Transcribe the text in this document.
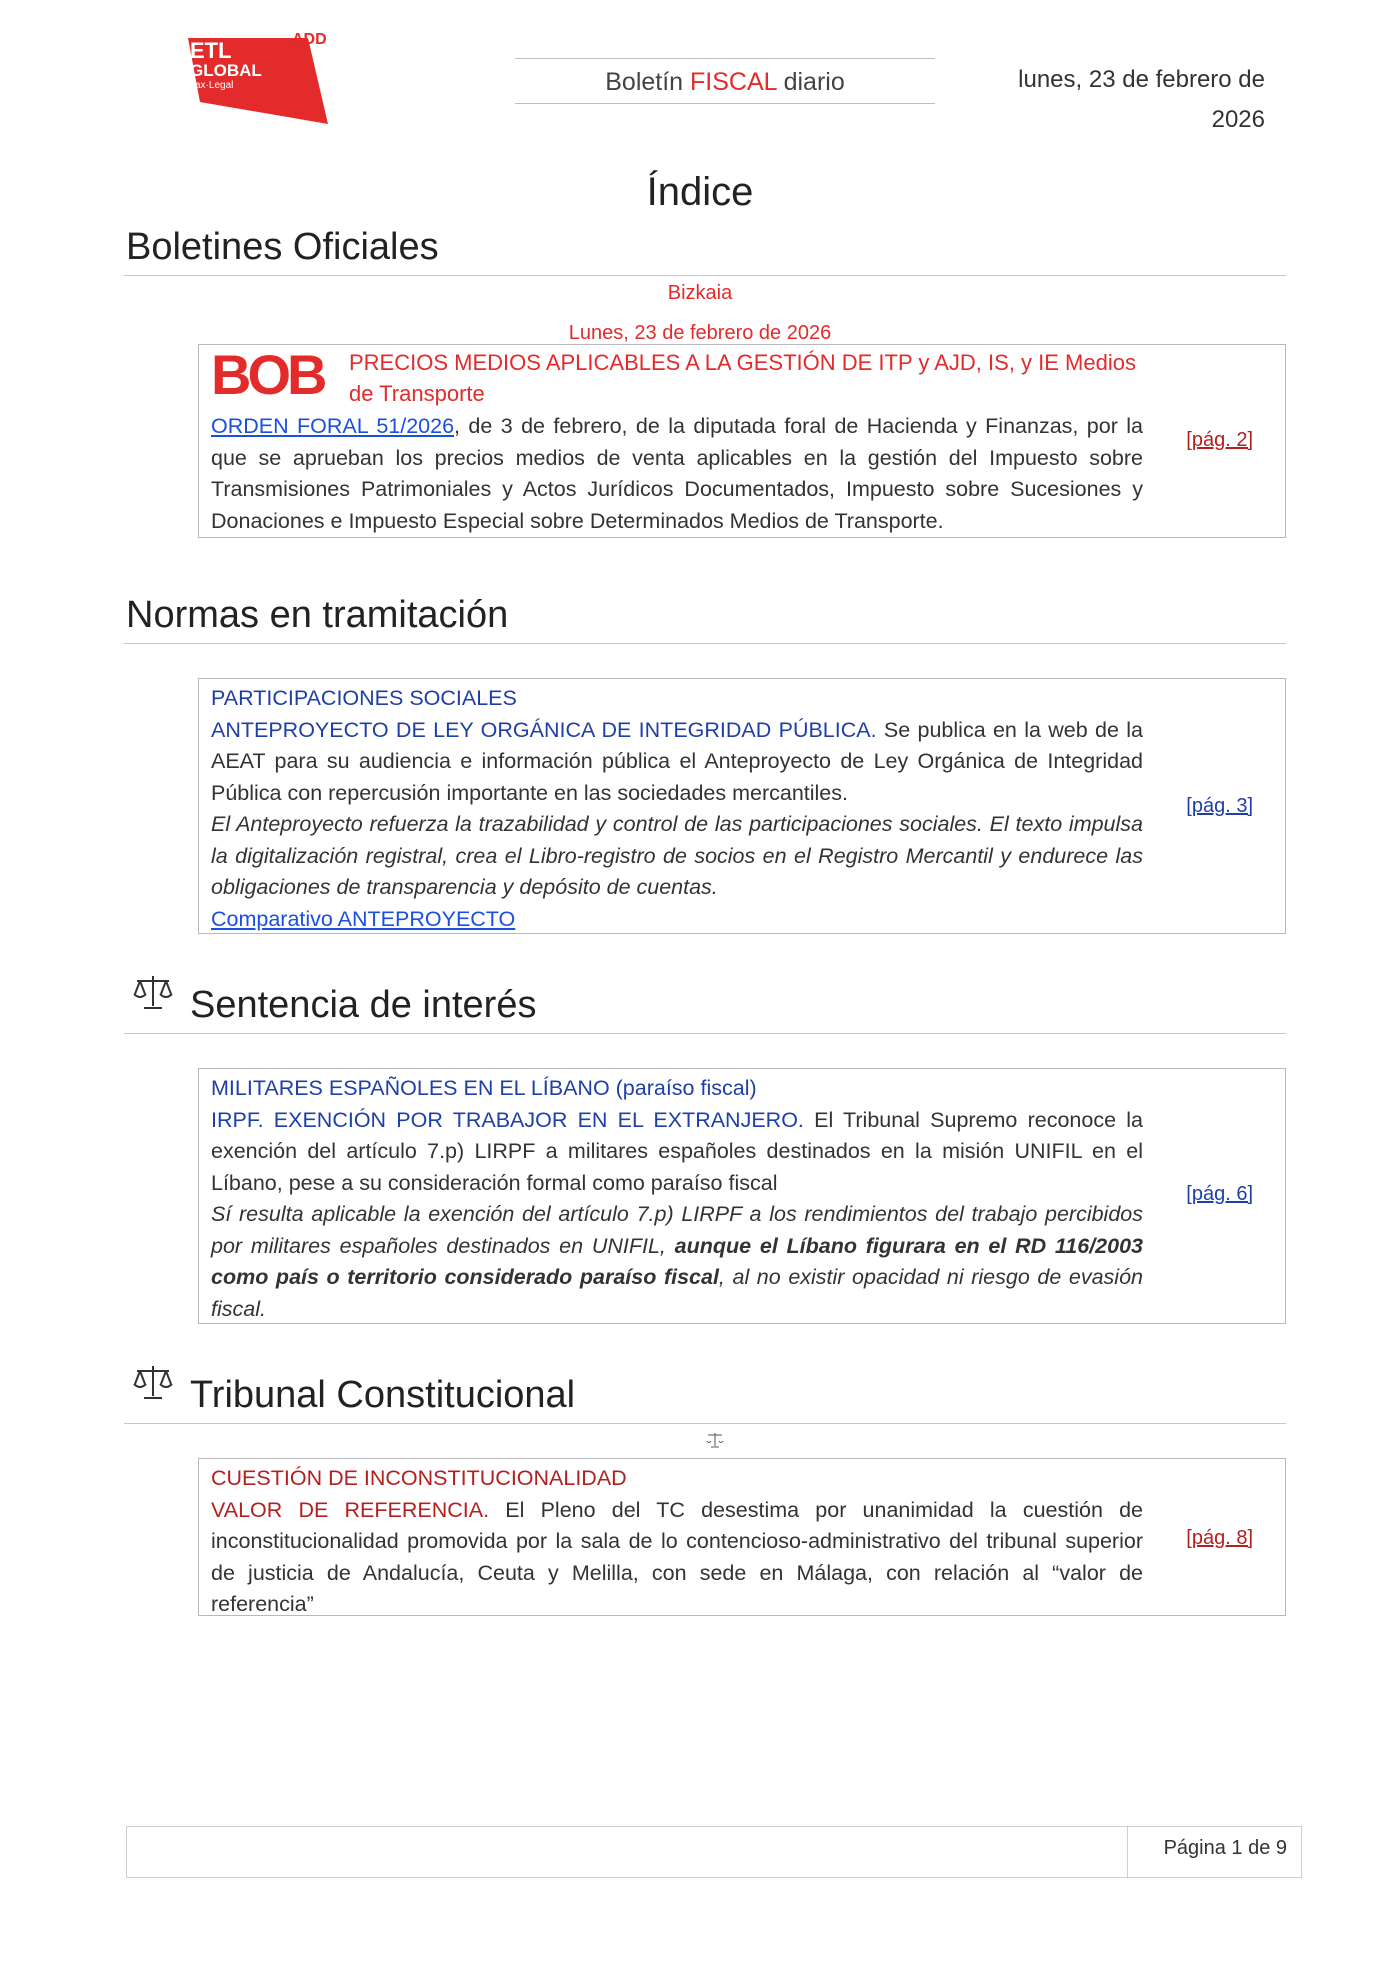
ETL
GLOBAL
Tax·Legal
ADD
Boletín FISCAL diario	lunes, 23 de febrero de 2026
Índice
Boletines Oficiales
Bizkaia
Lunes, 23 de febrero de 2026
BOB PRECIOS MEDIOS APLICABLES A LA GESTIÓN DE ITP y AJD, IS, y IE Medios de Transporte
ORDEN FORAL 51/2026, de 3 de febrero, de la diputada foral de Hacienda y Finanzas, por la que se aprueban los precios medios de venta aplicables en la gestión del Impuesto sobre Transmisiones Patrimoniales y Actos Jurídicos Documentados, Impuesto sobre Sucesiones y Donaciones e Impuesto Especial sobre Determinados Medios de Transporte.
[pág. 2]
Normas en tramitación
PARTICIPACIONES SOCIALES
ANTEPROYECTO DE LEY ORGÁNICA DE INTEGRIDAD PÚBLICA. Se publica en la web de la AEAT para su audiencia e información pública el Anteproyecto de Ley Orgánica de Integridad Pública con repercusión importante en las sociedades mercantiles.
El Anteproyecto refuerza la trazabilidad y control de las participaciones sociales. El texto impulsa la digitalización registral, crea el Libro-registro de socios en el Registro Mercantil y endurece las obligaciones de transparencia y depósito de cuentas.
Comparativo ANTEPROYECTO
[pág. 3]
Sentencia de interés
MILITARES ESPAÑOLES EN EL LÍBANO (paraíso fiscal)
IRPF. EXENCIÓN POR TRABAJOR EN EL EXTRANJERO. El Tribunal Supremo reconoce la exención del artículo 7.p) LIRPF a militares españoles destinados en la misión UNIFIL en el Líbano, pese a su consideración formal como paraíso fiscal
Sí resulta aplicable la exención del artículo 7.p) LIRPF a los rendimientos del trabajo percibidos por militares españoles destinados en UNIFIL, aunque el Líbano figurara en el RD 116/2003 como país o territorio considerado paraíso fiscal, al no existir opacidad ni riesgo de evasión fiscal.
[pág. 6]
Tribunal Constitucional
CUESTIÓN DE INCONSTITUCIONALIDAD
VALOR DE REFERENCIA. El Pleno del TC desestima por unanimidad la cuestión de inconstitucionalidad promovida por la sala de lo contencioso-administrativo del tribunal superior de justicia de Andalucía, Ceuta y Melilla, con sede en Málaga, con relación al “valor de referencia”
[pág. 8]
Página 1 de 9
